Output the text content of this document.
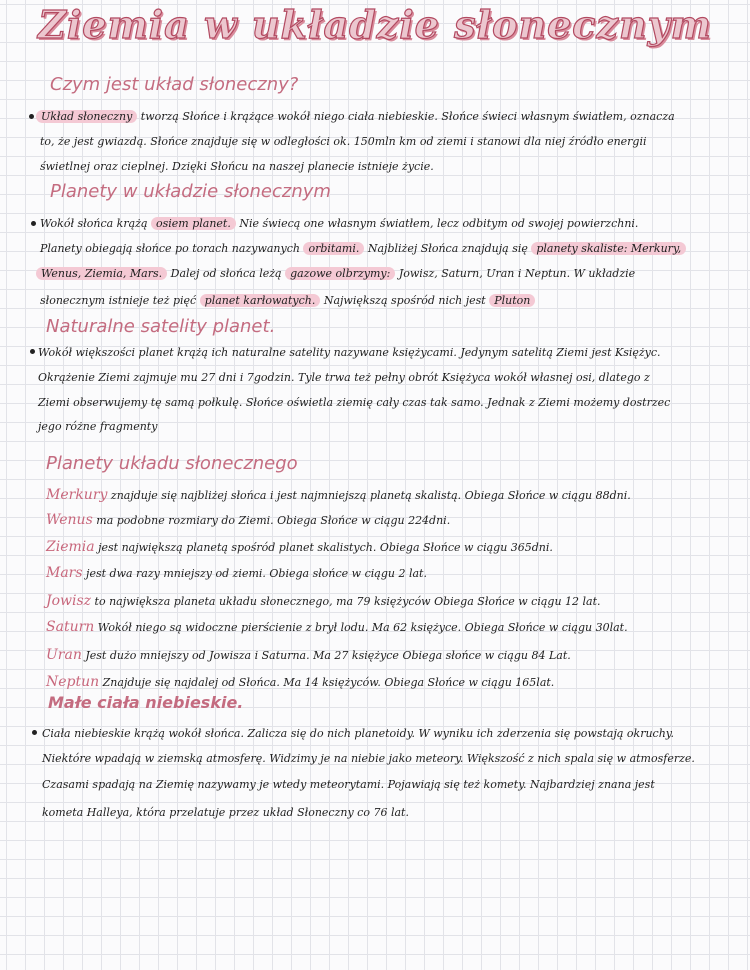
Ziemia w układzie słonecznym
Czym jest układ słoneczny?
Układ słoneczny tworzą Słońce i krążące wokół niego ciała niebieskie. Słońce świeci własnym światłem, oznacza
to, że jest gwiazdą. Słońce znajduje się w odległości ok. 150mln km od ziemi i stanowi dla niej źródło energii
świetlnej oraz cieplnej. Dzięki Słońcu na naszej planecie istnieje życie.
Planety w układzie słonecznym
Wokół słońca krążą osiem planet. Nie świecą one własnym światłem, lecz odbitym od swojej powierzchni.
Planety obiegają słońce po torach nazywanych orbitami. Najbliżej Słońca znajdują się planety skaliste: Merkury,
Wenus, Ziemia, Mars. Dalej od słońca leżą gazowe olbrzymy: Jowisz, Saturn, Uran i Neptun. W układzie
słonecznym istnieje też pięć planet karłowatych. Największą spośród nich jest Pluton
Naturalne satelity planet.
Wokół większości planet krążą ich naturalne satelity nazywane księżycami. Jedynym satelitą Ziemi jest Księżyc.
Okrążenie Ziemi zajmuje mu 27 dni i 7godzin. Tyle trwa też pełny obrót Księżyca wokół własnej osi, dlatego z
Ziemi obserwujemy tę samą połkulę. Słońce oświetla ziemię cały czas tak samo. Jednak z Ziemi możemy dostrzec
jego różne fragmenty
Planety układu słonecznego
Merkury znajduje się najbliżej słońca i jest najmniejszą planetą skalistą. Obiega Słońce w ciągu 88dni.
Wenus ma podobne rozmiary do Ziemi. Obiega Słońce w ciągu 224dni.
Ziemia jest największą planetą spośród planet skalistych. Obiega Słońce w ciągu 365dni.
Mars jest dwa razy mniejszy od ziemi. Obiega słońce w ciągu 2 lat.
Jowisz to największa planeta układu słonecznego, ma 79 księżyców Obiega Słońce w ciągu 12 lat.
Saturn Wokół niego są widoczne pierścienie z brył lodu. Ma 62 księżyce. Obiega Słońce w ciągu 30lat.
Uran Jest dużo mniejszy od Jowisza i Saturna. Ma 27 księżyce Obiega słońce w ciągu 84 Lat.
Neptun Znajduje się najdalej od Słońca. Ma 14 księżyców. Obiega Słońce w ciągu 165lat.
Małe ciała niebieskie.
Ciała niebieskie krążą wokół słońca. Zalicza się do nich planetoidy. W wyniku ich zderzenia się powstają okruchy.
Niektóre wpadają w ziemską atmosferę. Widzimy je na niebie jako meteory. Większość z nich spala się w atmosferze.
Czasami spadają na Ziemię nazywamy je wtedy meteorytami. Pojawiają się też komety. Najbardziej znana jest
kometa Halleya, która przelatuje przez układ Słoneczny co 76 lat.
